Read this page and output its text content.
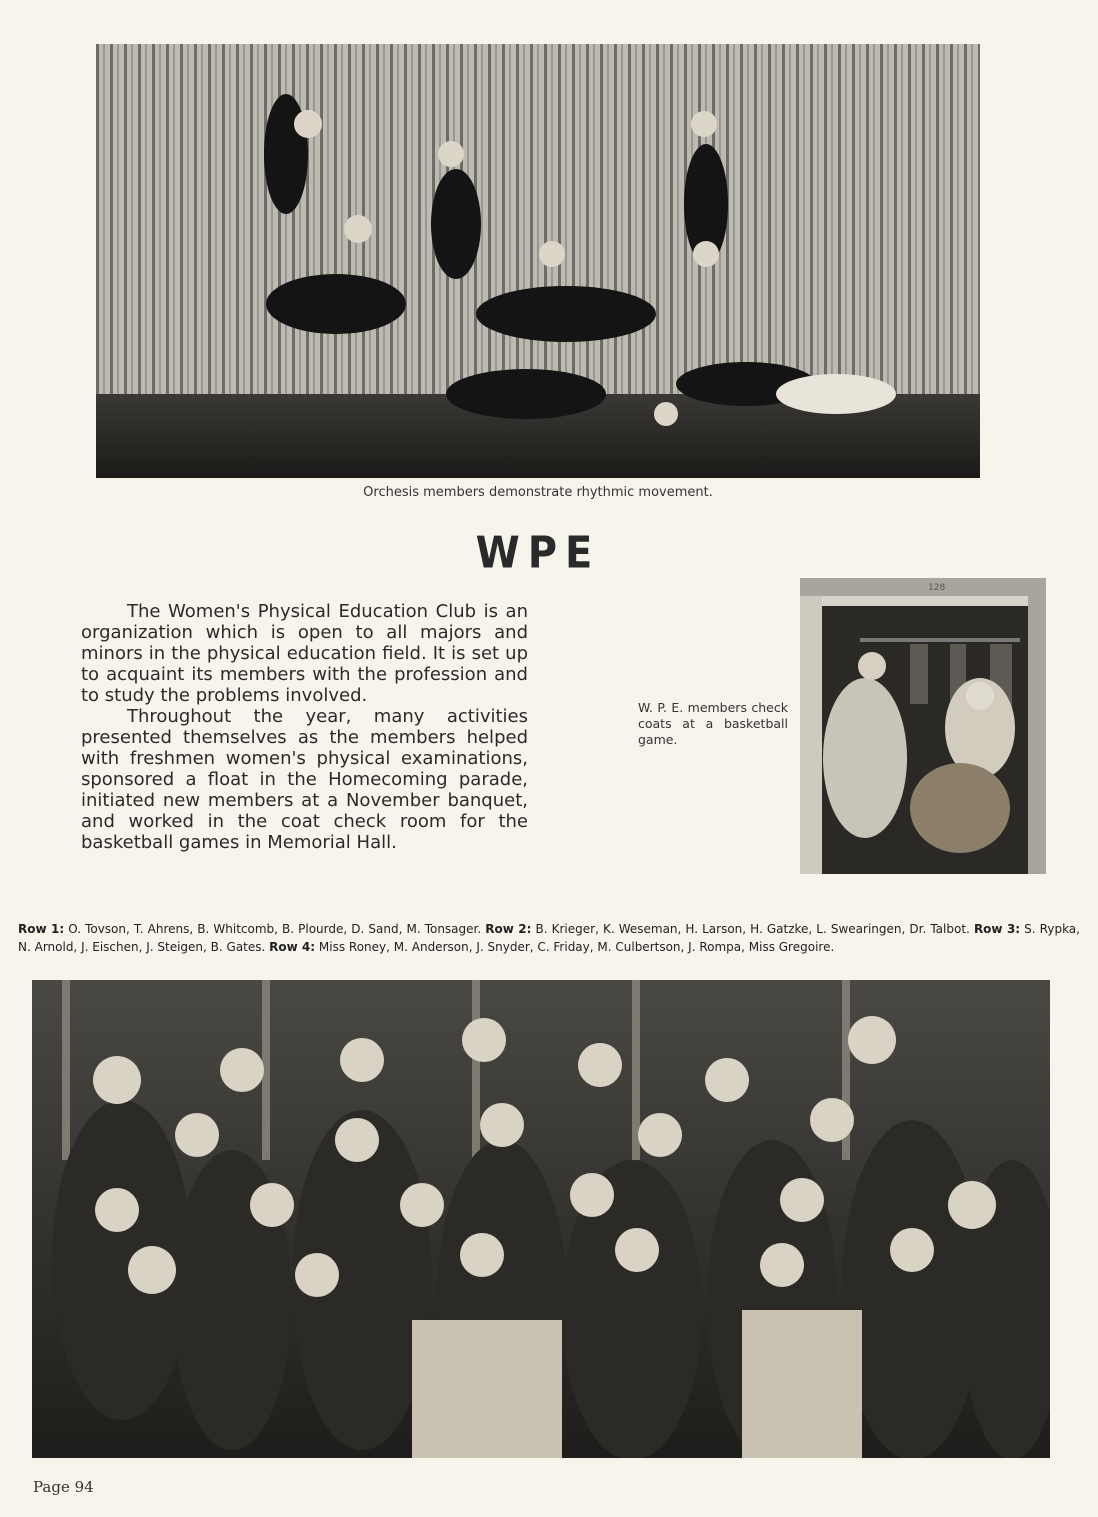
Orchesis members demonstrate rhythmic movement.
WPE

The Women's Physical Education Club is an organization which is open to all majors and minors in the physical education field. It is set up to acquaint its members with the profession and to study the problems involved.

Throughout the year, many activities presented themselves as the members helped with freshmen women's physical examinations, sponsored a float in the Homecoming parade, initiated new members at a November banquet, and worked in the coat check room for the basketball games in Memorial Hall.

W. P. E. members check coats at a basketball game.
128
Row 1: O. Tovson, T. Ahrens, B. Whitcomb, B. Plourde, D. Sand, M. Tonsager. Row 2: B. Krieger, K. Weseman, H. Larson, H. Gatzke, L. Swearingen, Dr. Talbot. Row 3: S. Rypka, N. Arnold, J. Eischen, J. Steigen, B. Gates. Row 4: Miss Roney, M. Anderson, J. Snyder, C. Friday, M. Culbertson, J. Rompa, Miss Gregoire.
Page 94
